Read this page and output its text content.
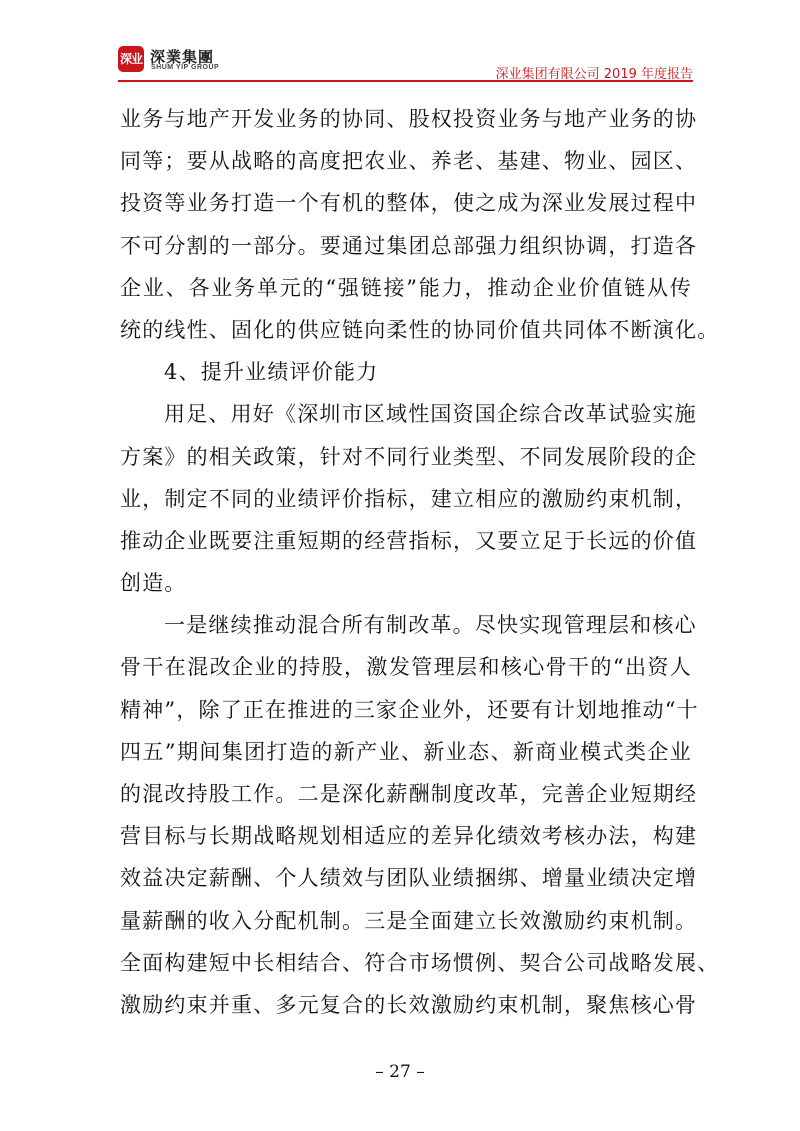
深业 深業集團
SHUM YIP GROUP	深业集团有限公司 2019 年度报告
业务与地产开发业务的协同、股权投资业务与地产业务的协
同等；要从战略的高度把农业、养老、基建、物业、园区、
投资等业务打造一个有机的整体，使之成为深业发展过程中
不可分割的一部分。要通过集团总部强力组织协调，打造各
企业、各业务单元的“强链接”能力，推动企业价值链从传
统的线性、固化的供应链向柔性的协同价值共同体不断演化。
4、提升业绩评价能力
用足、用好《深圳市区域性国资国企综合改革试验实施
方案》的相关政策，针对不同行业类型、不同发展阶段的企
业，制定不同的业绩评价指标，建立相应的激励约束机制，
推动企业既要注重短期的经营指标，又要立足于长远的价值
创造。
一是继续推动混合所有制改革。尽快实现管理层和核心
骨干在混改企业的持股，激发管理层和核心骨干的“出资人
精神”，除了正在推进的三家企业外，还要有计划地推动“十
四五”期间集团打造的新产业、新业态、新商业模式类企业
的混改持股工作。二是深化薪酬制度改革，完善企业短期经
营目标与长期战略规划相适应的差异化绩效考核办法，构建
效益决定薪酬、个人绩效与团队业绩捆绑、增量业绩决定增
量薪酬的收入分配机制。三是全面建立长效激励约束机制。
全面构建短中长相结合、符合市场惯例、契合公司战略发展、
激励约束并重、多元复合的长效激励约束机制，聚焦核心骨
– 27 –
